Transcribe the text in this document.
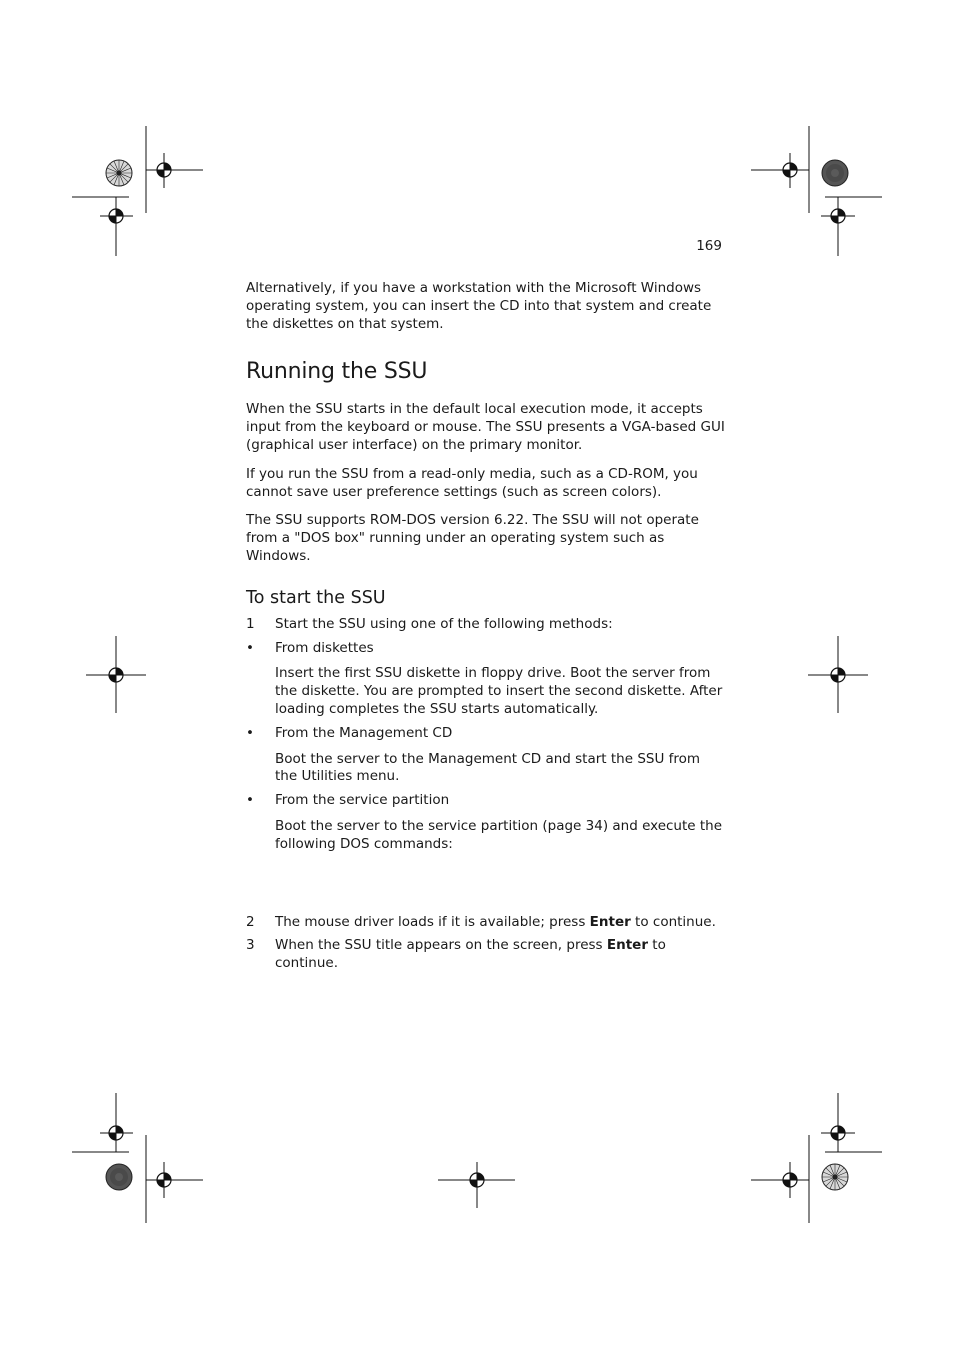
169

Alternatively, if you have a workstation with the Microsoft Windows operating system, you can insert the CD into that system and create the diskettes on that system.

Running the SSU

When the SSU starts in the default local execution mode, it accepts input from the keyboard or mouse. The SSU presents a VGA-based GUI (graphical user interface) on the primary monitor.

If you run the SSU from a read-only media, such as a CD-ROM, you cannot save user preference settings (such as screen colors).

The SSU supports ROM-DOS version 6.22. The SSU will not operate from a "DOS box" running under an operating system such as Windows.

To start the SSU
1	Start the SSU using one of the following methods:
•	From diskettes

Insert the first SSU diskette in floppy drive. Boot the server from the diskette. You are prompted to insert the second diskette. After loading completes the SSU starts automatically.

•	From the Management CD

Boot the server to the Management CD and start the SSU from the Utilities menu.

•	From the service partition

Boot the server to the service partition (page 34) and execute the following DOS commands:

2	The mouse driver loads if it is available; press Enter to continue.
3	When the SSU title appears on the screen, press Enter to continue.
